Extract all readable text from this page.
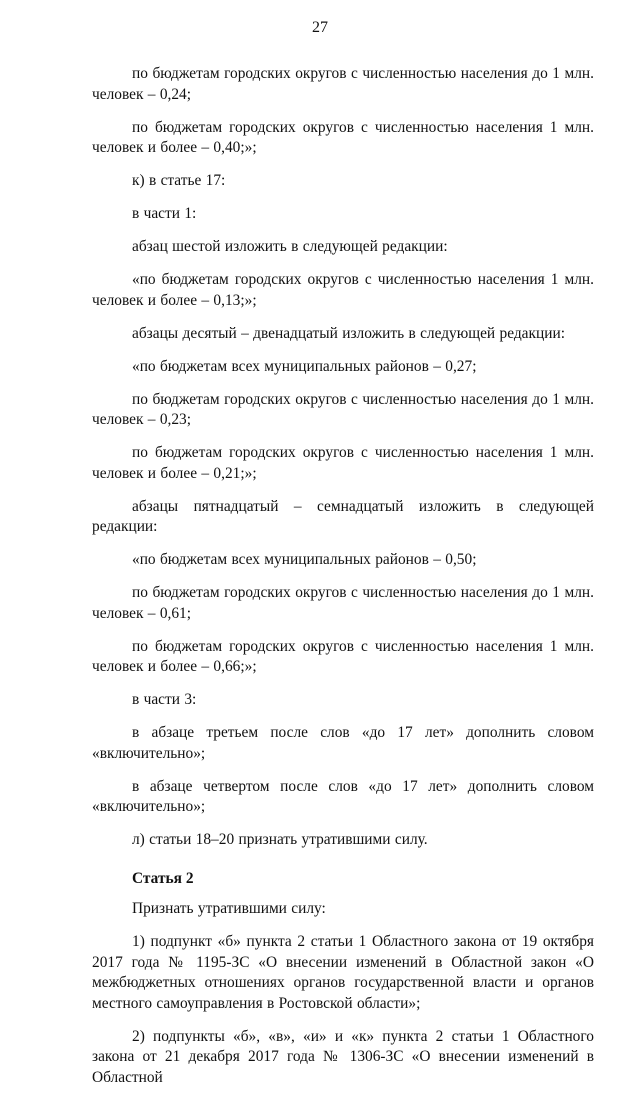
27

по бюджетам городских округов с численностью населения до 1 млн. человек – 0,24;

по бюджетам городских округов с численностью населения 1 млн. человек и более – 0,40;»;

к) в статье 17:

в части 1:

абзац шестой изложить в следующей редакции:

«по бюджетам городских округов с численностью населения 1 млн. человек и более – 0,13;»;

абзацы десятый – двенадцатый изложить в следующей редакции:

«по бюджетам всех муниципальных районов – 0,27;

по бюджетам городских округов с численностью населения до 1 млн. человек – 0,23;

по бюджетам городских округов с численностью населения 1 млн. человек и более – 0,21;»;

абзацы пятнадцатый – семнадцатый изложить в следующей редакции:

«по бюджетам всех муниципальных районов – 0,50;

по бюджетам городских округов с численностью населения до 1 млн. человек – 0,61;

по бюджетам городских округов с численностью населения 1 млн. человек и более – 0,66;»;

в части 3:

в абзаце третьем после слов «до 17 лет» дополнить словом «включительно»;

в абзаце четвертом после слов «до 17 лет» дополнить словом «включительно»;

л) статьи 18–20 признать утратившими силу.

Статья 2

Признать утратившими силу:

1) подпункт «б» пункта 2 статьи 1 Областного закона от 19 октября 2017 года № 1195-ЗС «О внесении изменений в Областной закон «О межбюджетных отношениях органов государственной власти и органов местного самоуправления в Ростовской области»;

2) подпункты «б», «в», «и» и «к» пункта 2 статьи 1 Областного закона от 21 декабря 2017 года № 1306-ЗС «О внесении изменений в Областной
